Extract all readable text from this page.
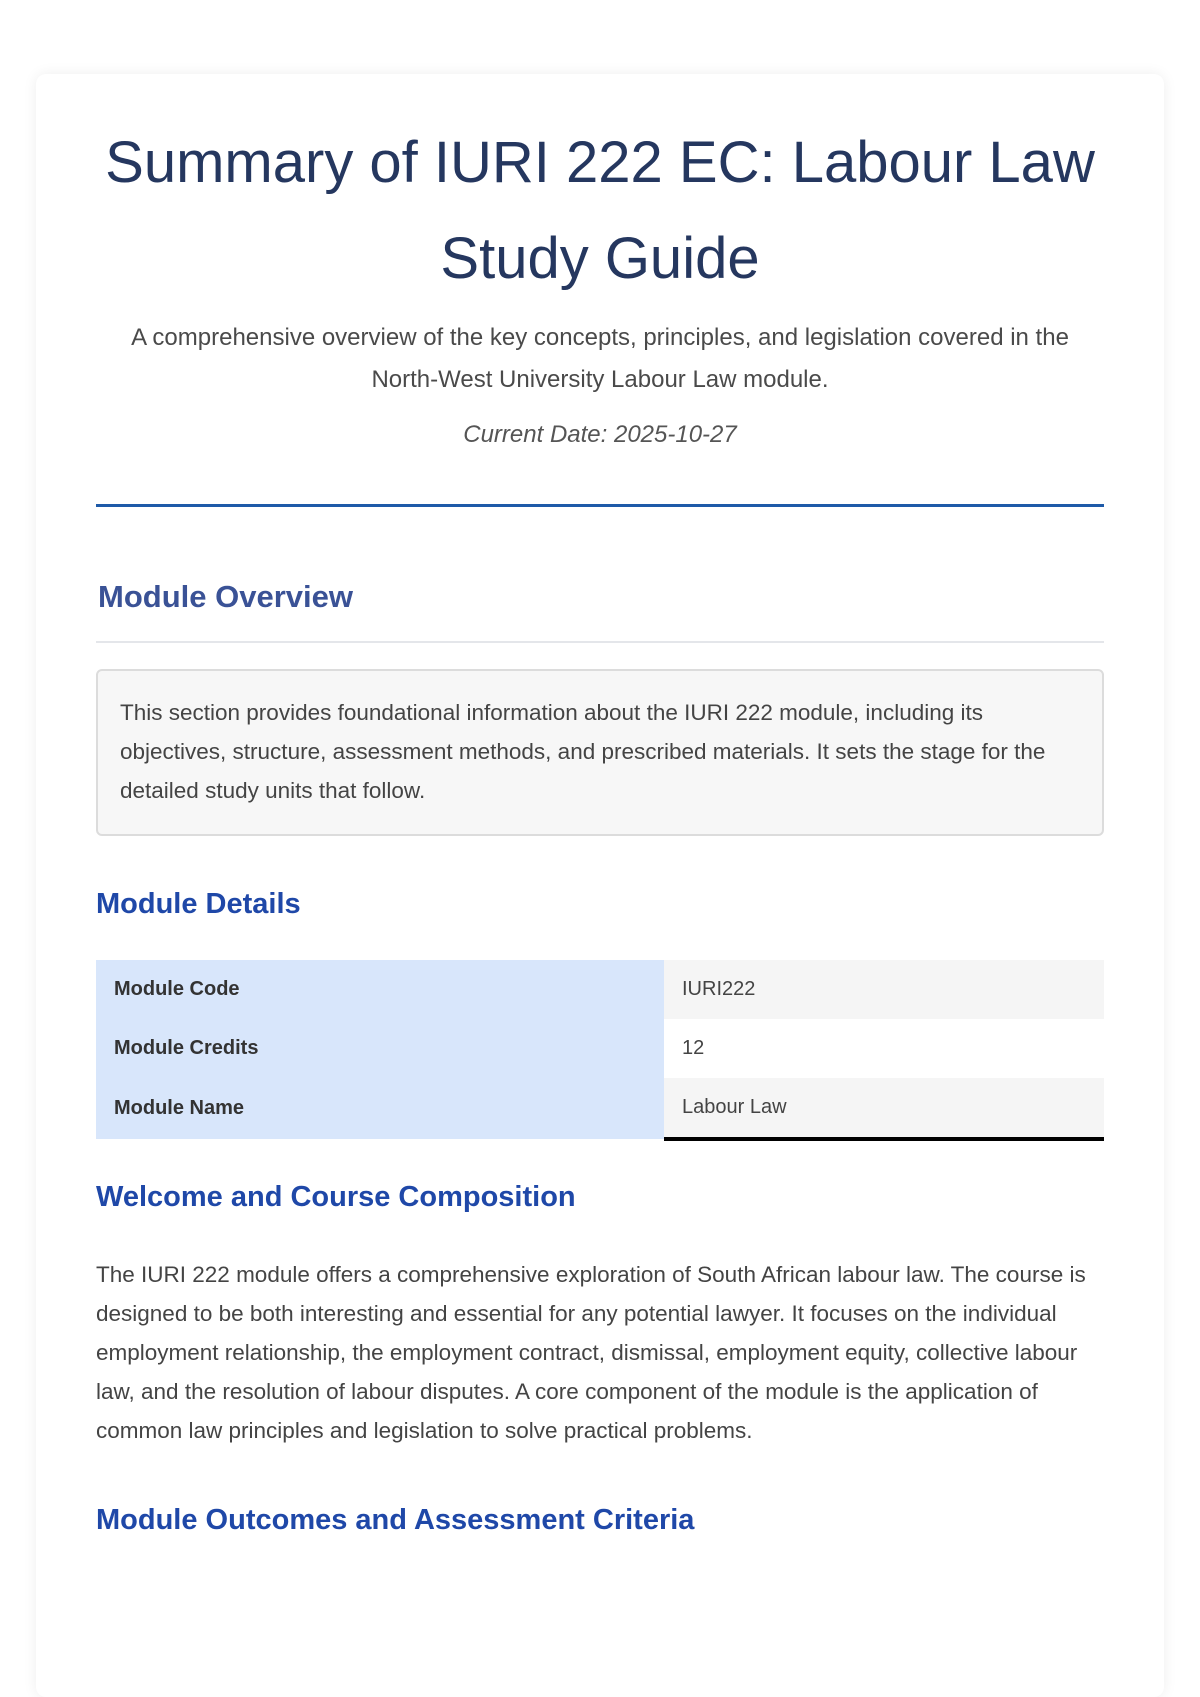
Summary of IURI 222 EC: Labour Law Study Guide

A comprehensive overview of the key concepts, principles, and legislation covered in the North-West University Labour Law module.

Current Date: 2025-10-27

Module Overview
This section provides foundational information about the IURI 222 module, including its objectives, structure, assessment methods, and prescribed materials. It sets the stage for the detailed study units that follow.
Module Details
Module Code	IURI222
Module Credits	12
Module Name	Labour Law
Welcome and Course Composition

The IURI 222 module offers a comprehensive exploration of South African labour law. The course is designed to be both interesting and essential for any potential lawyer. It focuses on the individual employment relationship, the employment contract, dismissal, employment equity, collective labour law, and the resolution of labour disputes. A core component of the module is the application of common law principles and legislation to solve practical problems.

Module Outcomes and Assessment Criteria
